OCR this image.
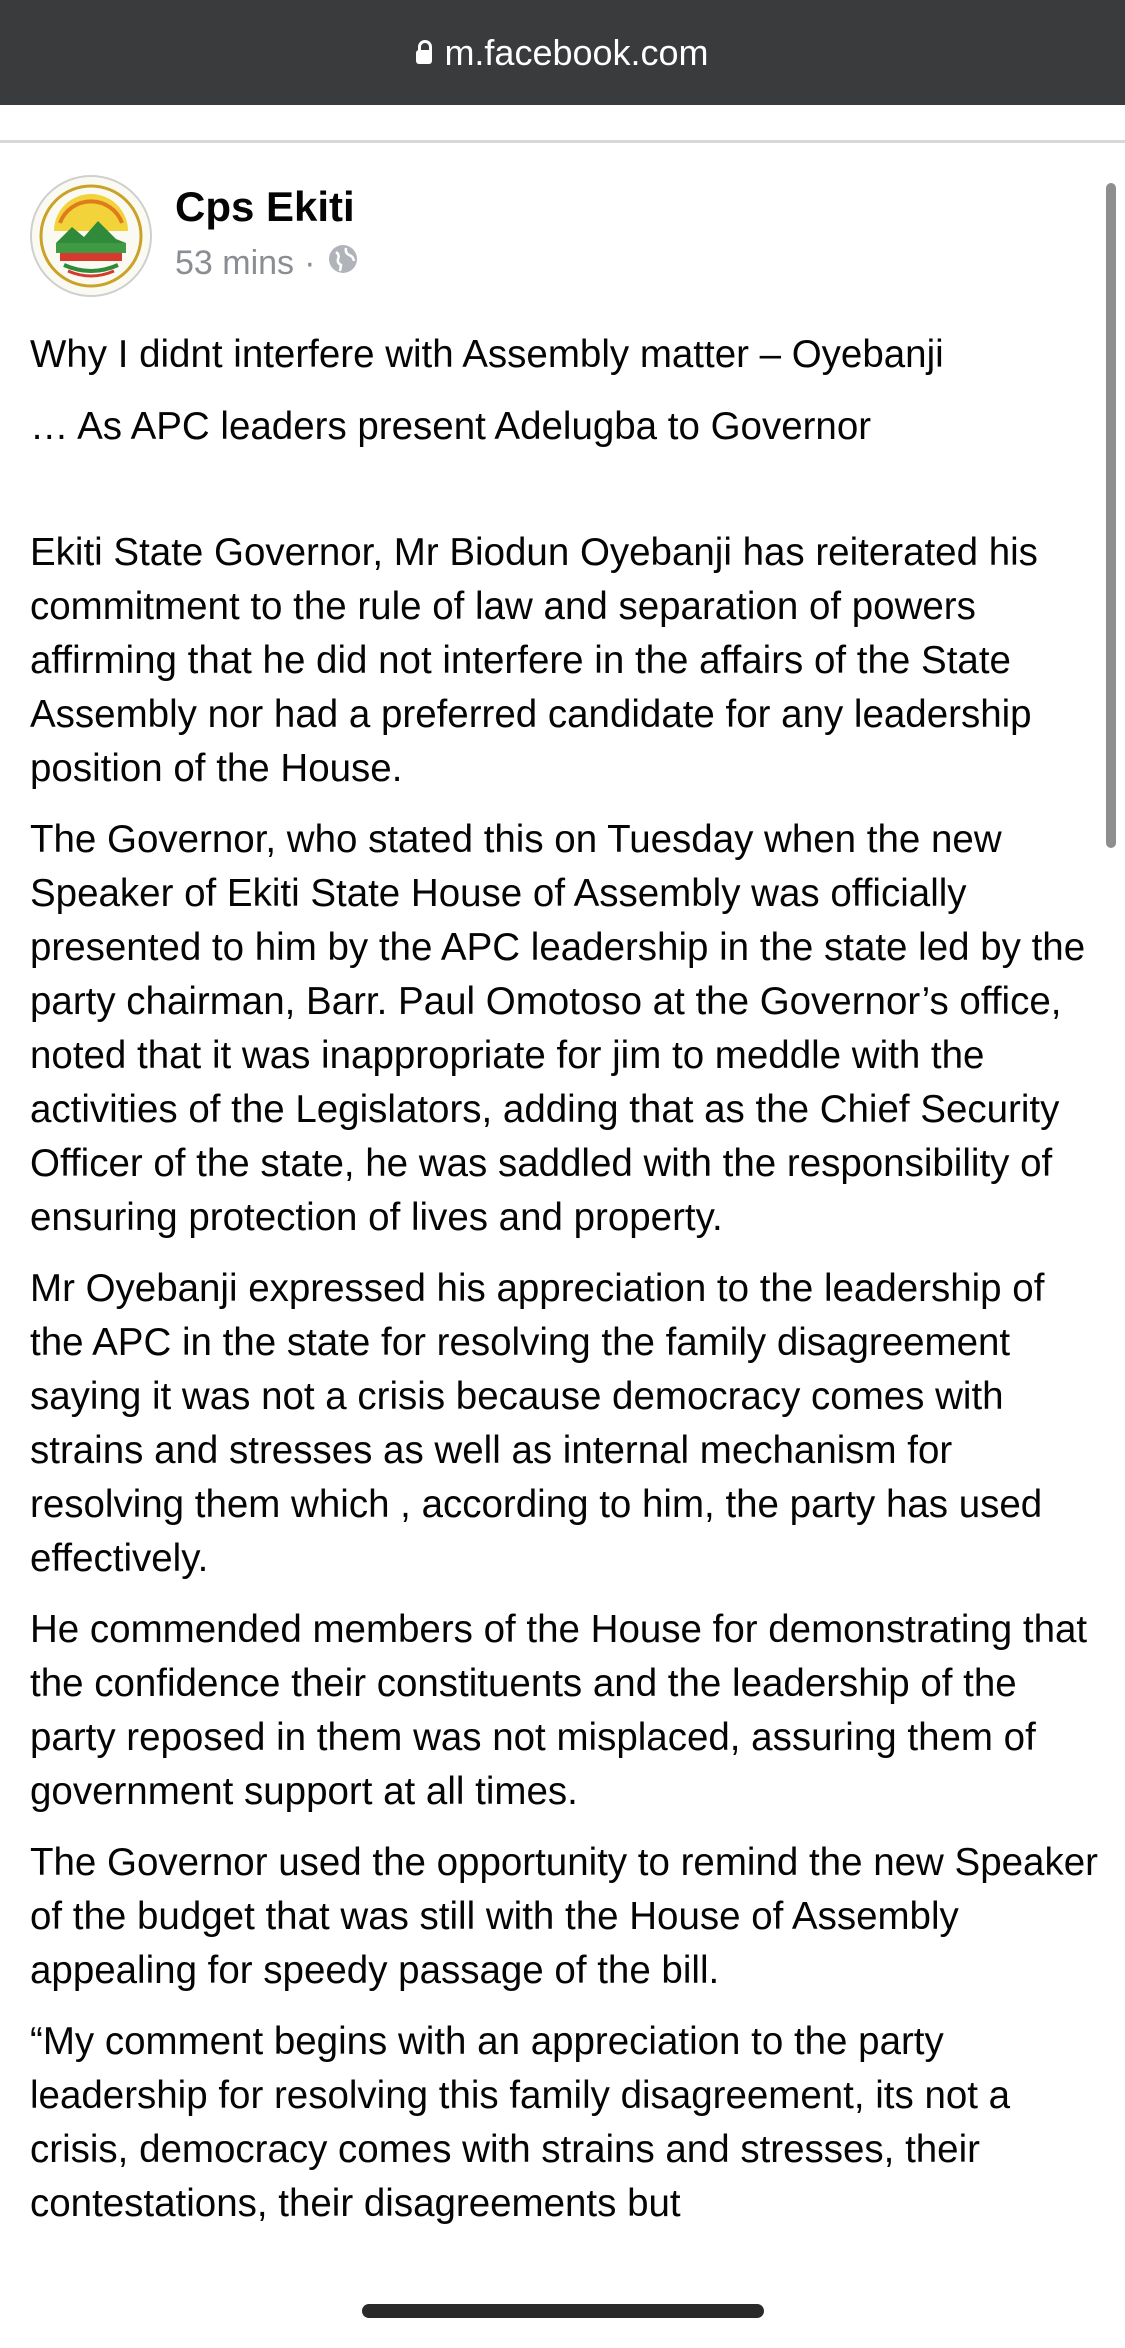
m.facebook.com
Cps Ekiti
53 mins ·

Why I didnt interfere with Assembly matter – Oyebanji

… As APC leaders present Adelugba to Governor

Ekiti State Governor, Mr Biodun Oyebanji has reiterated his commitment to the rule of law and separation of powers affirming that he did not interfere in the affairs of the State Assembly nor had a preferred candidate for any leadership position of the House.

The Governor, who stated this on Tuesday when the new Speaker of Ekiti State House of Assembly was officially presented to him by the APC leadership in the state led by the party chairman, Barr. Paul Omotoso at the Governor’s office, noted that it was inappropriate for jim to meddle with the activities of the Legislators, adding that as the Chief Security Officer of the state, he was saddled with the responsibility of ensuring protection of lives and property.

Mr Oyebanji expressed his appreciation to the leadership of the APC in the state for resolving the family disagreement saying it was not a crisis because democracy comes with strains and stresses as well as internal mechanism for resolving them which , according to him, the party has used effectively.

He commended members of the House for demonstrating that the confidence their constituents and the leadership of the party reposed in them was not misplaced, assuring them of government support at all times.

The Governor used the opportunity to remind the new Speaker of the budget that was still with the House of Assembly appealing for speedy passage of the bill.

“My comment begins with an appreciation to the party leadership for resolving this family disagreement, its not a crisis, democracy comes with strains and stresses, their contestations, their disagreements but
